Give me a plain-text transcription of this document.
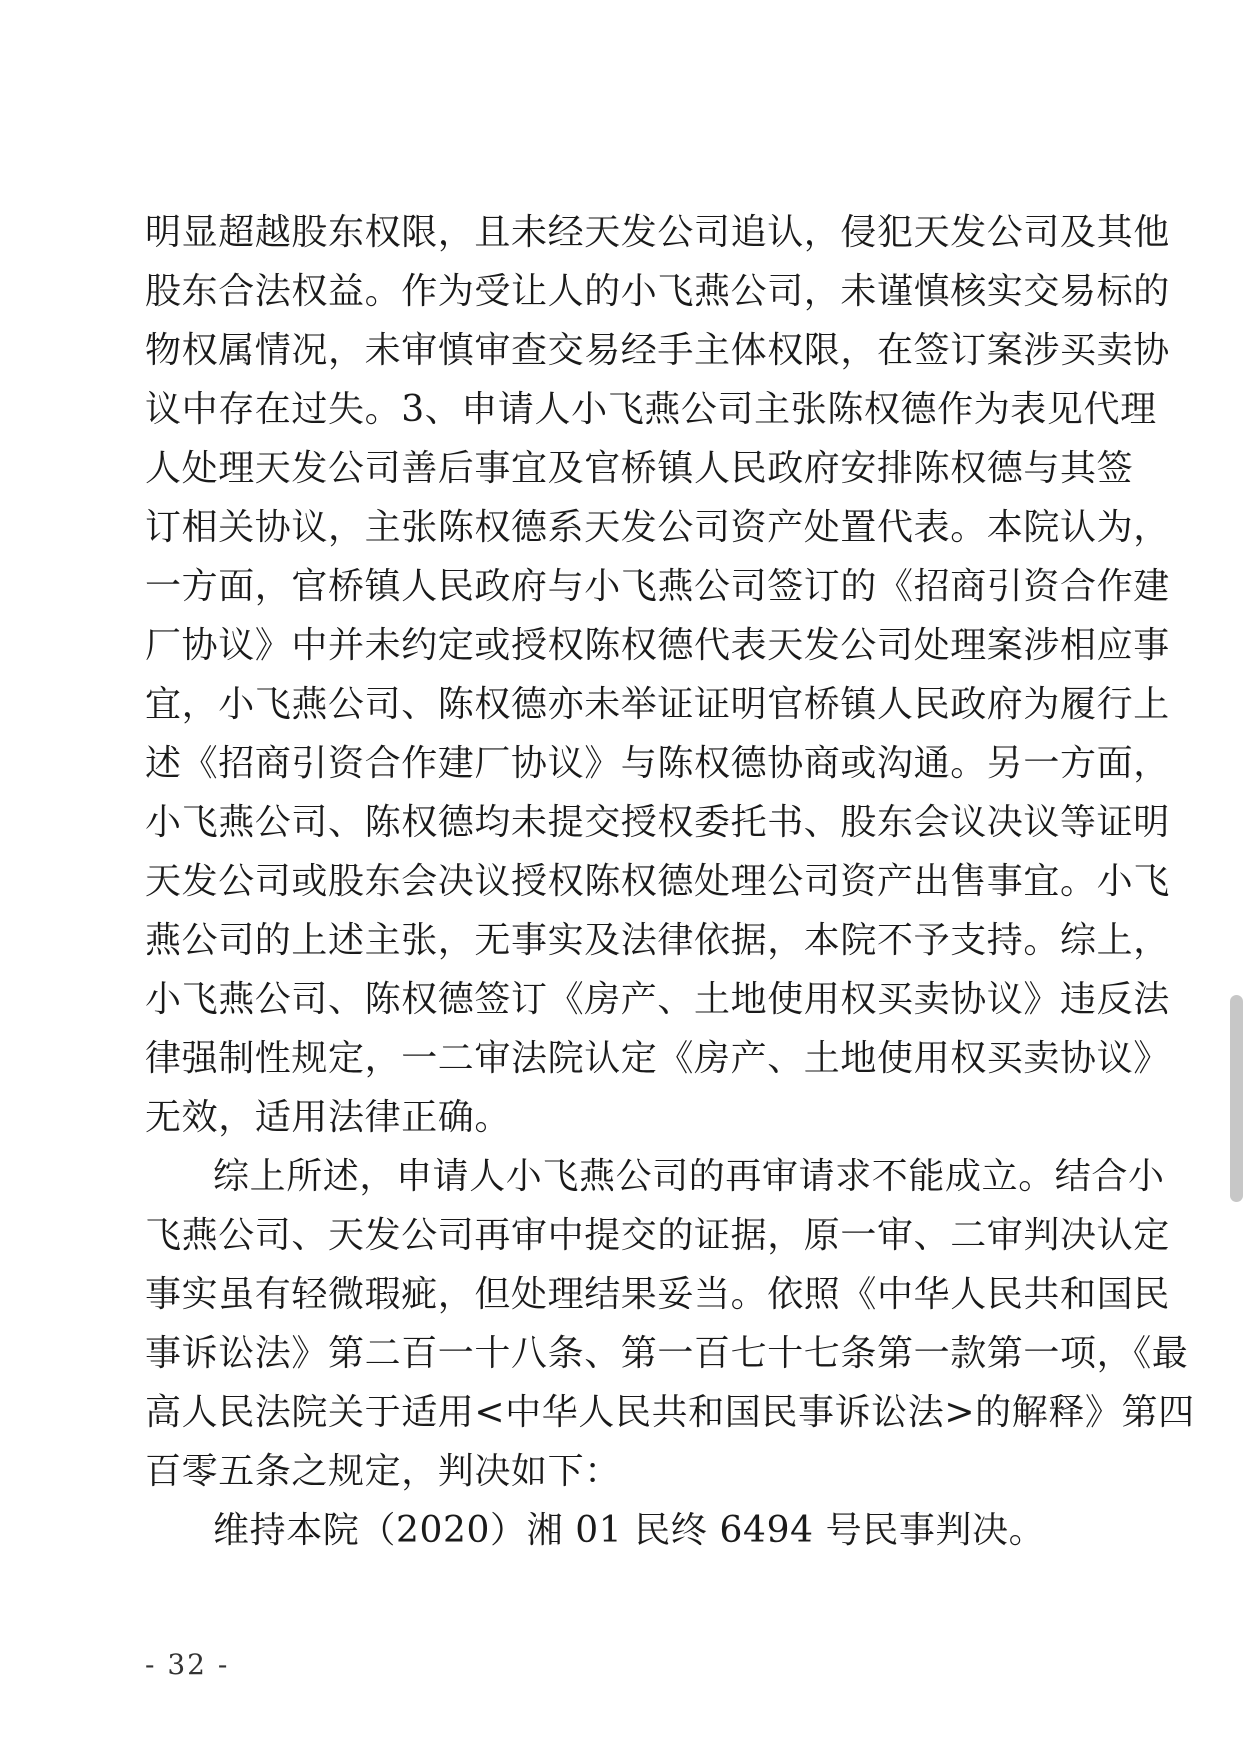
明显超越股东权限，且未经天发公司追认，侵犯天发公司及其他
股东合法权益。作为受让人的小飞燕公司，未谨慎核实交易标的
物权属情况，未审慎审查交易经手主体权限，在签订案涉买卖协
议中存在过失。3、申请人小飞燕公司主张陈权德作为表见代理
人处理天发公司善后事宜及官桥镇人民政府安排陈权德与其签
订相关协议，主张陈权德系天发公司资产处置代表。本院认为，
一方面，官桥镇人民政府与小飞燕公司签订的《招商引资合作建
厂协议》中并未约定或授权陈权德代表天发公司处理案涉相应事
宜，小飞燕公司、陈权德亦未举证证明官桥镇人民政府为履行上
述《招商引资合作建厂协议》与陈权德协商或沟通。另一方面，
小飞燕公司、陈权德均未提交授权委托书、股东会议决议等证明
天发公司或股东会决议授权陈权德处理公司资产出售事宜。小飞
燕公司的上述主张，无事实及法律依据，本院不予支持。综上，
小飞燕公司、陈权德签订《房产、土地使用权买卖协议》违反法
律强制性规定，一二审法院认定《房产、土地使用权买卖协议》
无效，适用法律正确。
综上所述，申请人小飞燕公司的再审请求不能成立。结合小
飞燕公司、天发公司再审中提交的证据，原一审、二审判决认定
事实虽有轻微瑕疵，但处理结果妥当。依照《中华人民共和国民
事诉讼法》第二百一十八条、第一百七十七条第一款第一项，《最
高人民法院关于适用<中华人民共和国民事诉讼法>的解释》第四
百零五条之规定，判决如下：
维持本院（2020）湘 01 民终 6494 号民事判决。
- 32 -
